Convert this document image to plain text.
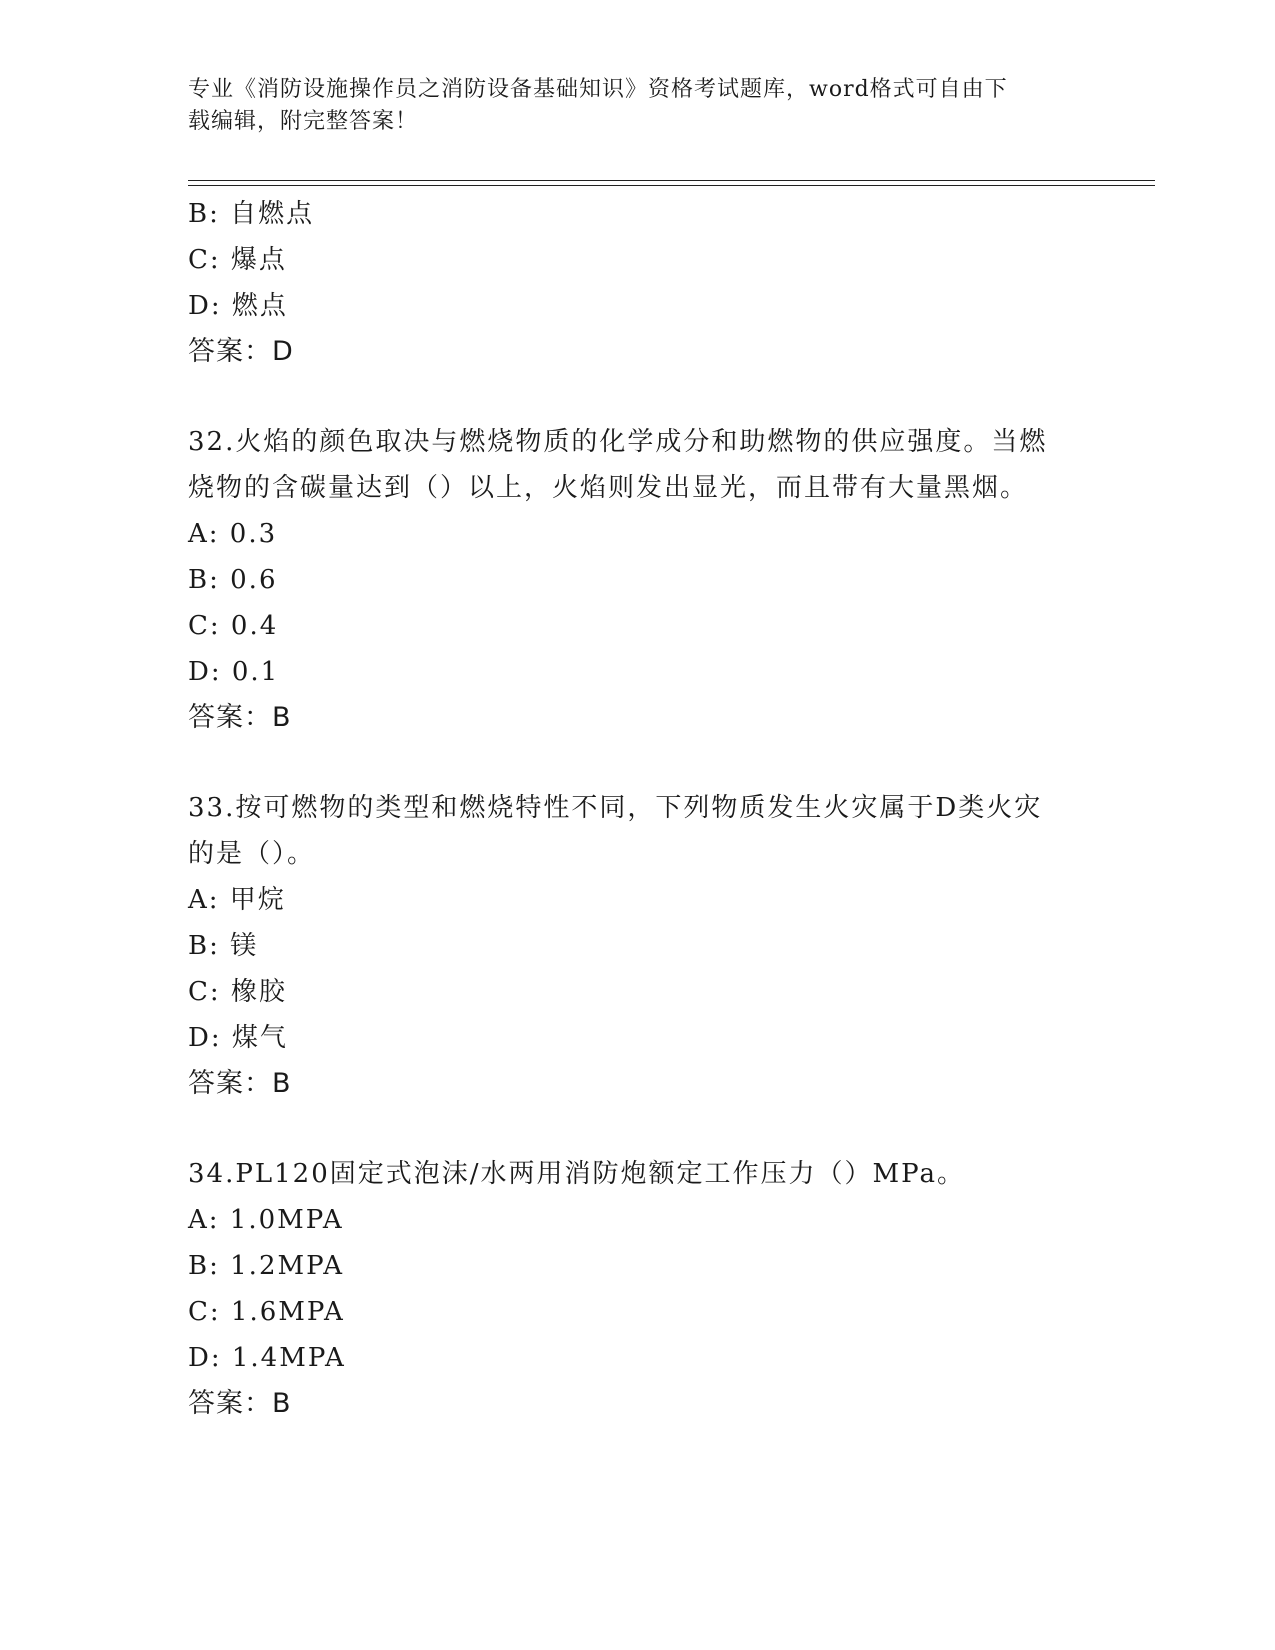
专业《消防设施操作员之消防设备基础知识》资格考试题库，word格式可自由下
载编辑，附完整答案！
B: 自燃点
C: 爆点
D: 燃点
答案：D
32.火焰的颜色取决与燃烧物质的化学成分和助燃物的供应强度。当燃
烧物的含碳量达到（）以上，火焰则发出显光，而且带有大量黑烟。
A: 0.3
B: 0.6
C: 0.4
D: 0.1
答案：B
33.按可燃物的类型和燃烧特性不同，下列物质发生火灾属于D类火灾
的是（）。
A: 甲烷
B: 镁
C: 橡胶
D: 煤气
答案：B
34.PL120固定式泡沫/水两用消防炮额定工作压力（）MPa。
A: 1.0MPA
B: 1.2MPA
C: 1.6MPA
D: 1.4MPA
答案：B
